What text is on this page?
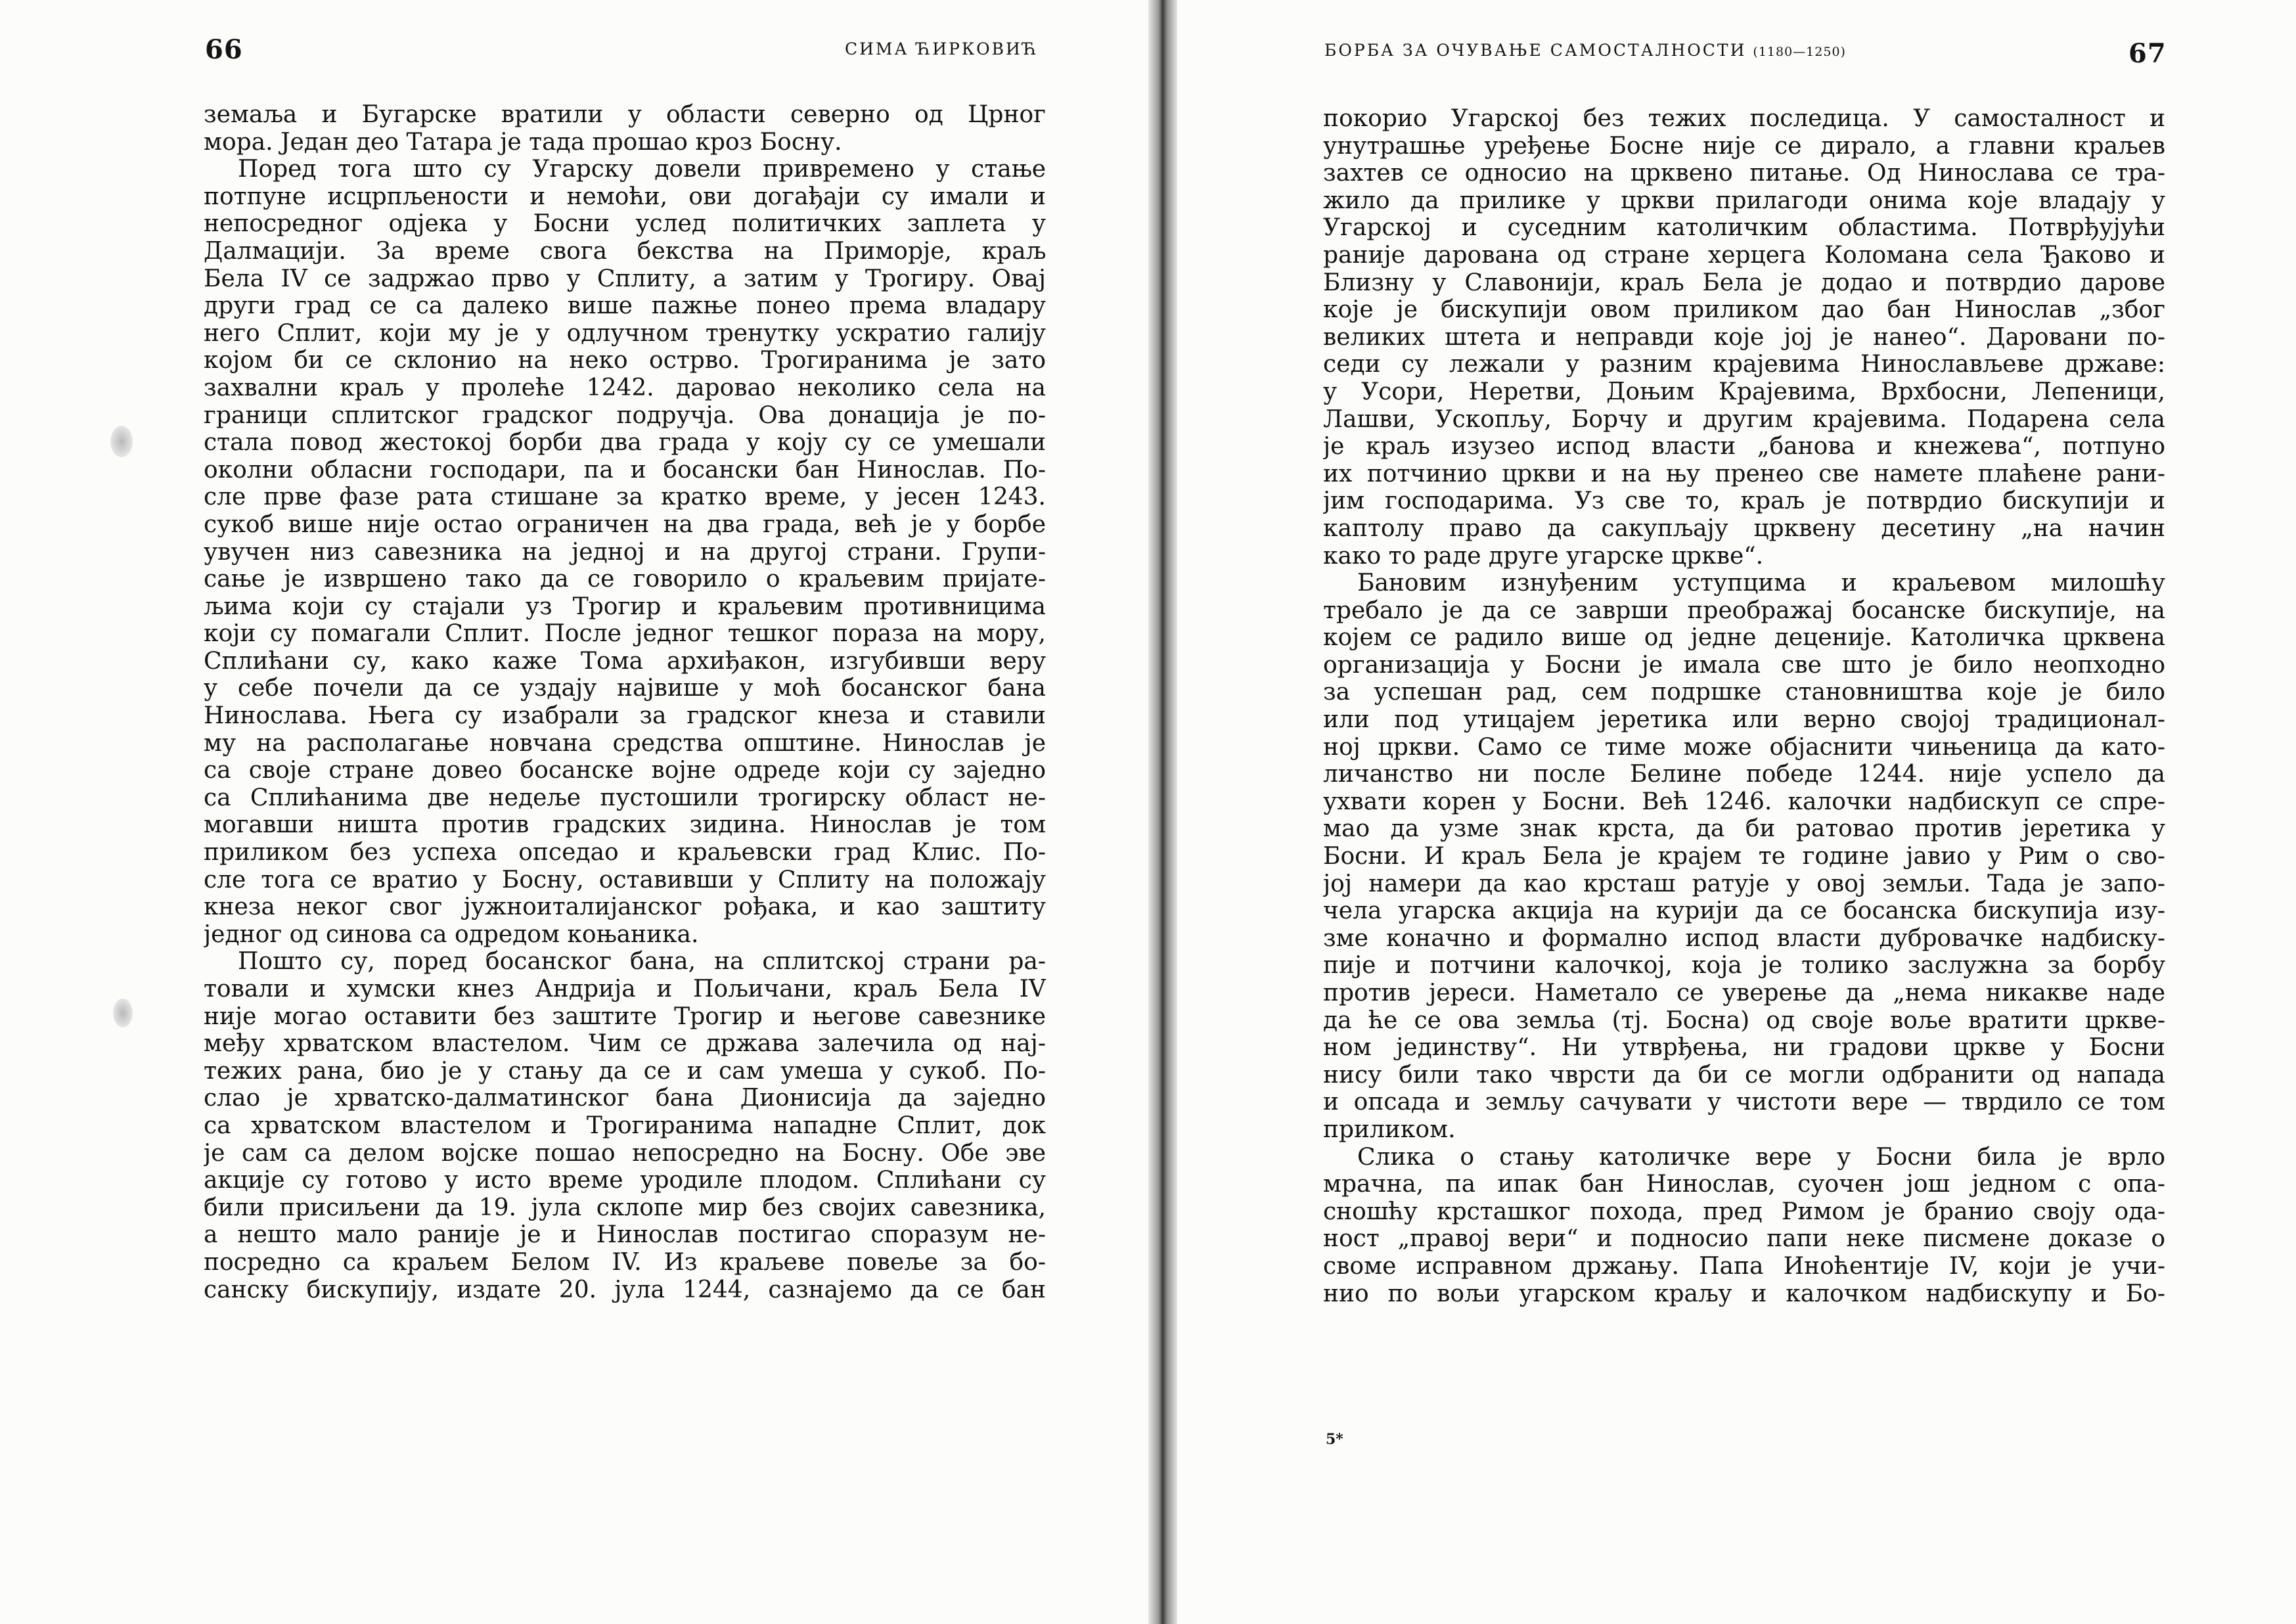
66	СИМА ЋИРКОВИЋ
земаља и Бугарске вратили у области северно од Црног
мора. Један део Татара је тада прошао кроз Босну.
Поред тога што су Угарску довели привремено у стање
потпуне исцрпљености и немоћи, ови догађаји су имали и
непосредног одјека у Босни услед политичких заплета у
Далмацији. За време свога бекства на Приморје, краљ
Бела IV се задржао прво у Сплиту, а затим у Трогиру. Овај
други град се са далеко више пажње понео према владару
него Сплит, који му је у одлучном тренутку ускратио галију
којом би се склонио на неко острво. Трогиранима је зато
захвални краљ у пролеће 1242. даровао неколико села на
граници сплитског градског подручја. Ова донација је по-
стала повод жестокој борби два града у коју су се умешали
околни обласни господари, па и босански бан Нинослав. По-
сле прве фазе рата стишане за кратко време, у јесен 1243.
сукоб више није остао ограничен на два града, већ је у борбе
увучен низ савезника на једној и на другој страни. Групи-
сање је извршено тако да се говорило о краљевим пријате-
љима који су стајали уз Трогир и краљевим противницима
који су помагали Сплит. После једног тешког пораза на мору,
Сплићани су, како каже Тома архиђакон, изгубивши веру
у себе почели да се уздају највише у моћ босанског бана
Нинослава. Њега су изабрали за градског кнеза и ставили
му на располагање новчана средства општине. Нинослав је
са своје стране довео босанске војне одреде који су заједно
са Сплићанима две недеље пустошили трогирску област не-
могавши ништа против градских зидина. Нинослав је том
приликом без успеха опседао и краљевски град Клис. По-
сле тога се вратио у Босну, оставивши у Сплиту на положају
кнеза неког свог јужноиталијанског рођака, и као заштиту
једног од синова са одредом коњаника.
Пошто су, поред босанског бана, на сплитској страни ра-
товали и хумски кнез Андрија и Пољичани, краљ Бела IV
није могао оставити без заштите Трогир и његове савезнике
међу хрватском властелом. Чим се држава залечила од нај-
тежих рана, био је у стању да се и сам умеша у сукоб. По-
слао је хрватско-далматинског бана Дионисија да заједно
са хрватском властелом и Трогиранима нападне Сплит, док
је сам са делом војске пошао непосредно на Босну. Обе эве
акције су готово у исто време уродиле плодом. Сплићани су
били присиљени да 19. јула склопе мир без својих савезника,
а нешто мало раније је и Нинослав постигао споразум не-
посредно са краљем Белом IV. Из краљеве повеље за бо-
санску бискупију, издате 20. јула 1244, сазнајемо да се бан
БОРБА ЗА ОЧУВАЊЕ САМОСТАЛНОСТИ (1180—1250)	67
покорио Угарској без тежих последица. У самосталност и
унутрашње уређење Босне није се дирало, а главни краљев
захтев се односио на црквено питање. Од Нинослава се тра-
жило да прилике у цркви прилагоди онима које владају у
Угарској и суседним католичким областима. Потврђујући
раније дарована од стране херцега Коломана села Ђаково и
Близну у Славонији, краљ Бела је додао и потврдио дарове
које је бискупији овом приликом дао бан Нинослав „због
великих штета и неправди које јој је нанео“. Даровани по-
седи су лежали у разним крајевима Нинослављеве државе:
у Усори, Неретви, Доњим Крајевима, Врхбосни, Лепеници,
Лашви, Ускопљу, Борчу и другим крајевима. Подарена села
је краљ изузео испод власти „банова и кнежева“, потпуно
их потчинио цркви и на њу пренео све намете плаћене рани-
јим господарима. Уз све то, краљ је потврдио бискупији и
каптолу право да сакупљају црквену десетину „на начин
како то раде друге угарске цркве“.
Бановим изнуђеним уступцима и краљевом милошћу
требало је да се заврши преображај босанске бискупије, на
којем се радило више од једне деценије. Католичка црквена
организација у Босни је имала све што је било неопходно
за успешан рад, сем подршке становништва које је било
или под утицајем јеретика или верно својој традиционал-
ној цркви. Само се тиме може објаснити чињеница да като-
личанство ни после Белине победе 1244. није успело да
ухвати корен у Босни. Већ 1246. калочки надбискуп се спре-
мао да узме знак крста, да би ратовао против јеретика у
Босни. И краљ Бела је крајем те године јавио у Рим о сво-
јој намери да као крсташ ратује у овој земљи. Тада је запо-
чела угарска акција на курији да се босанска бискупија изу-
зме коначно и формално испод власти дубровачке надбиску-
пије и потчини калочкој, која је толико заслужна за борбу
против јереси. Наметало се уверење да „нема никакве наде
да ће се ова земља (тј. Босна) од своје воље вратити црквe-
ном јединству“. Ни утврђења, ни градови цркве у Босни
нису били тако чврсти да би се могли одбранити од напада
и опсада и земљу сачувати у чистоти вере — тврдило се том
приликом.
Слика о стању католичке вере у Босни била је врло
мрачна, па ипак бан Нинослав, суочен још једном с опа-
сношћу крсташког похода, пред Римом је бранио своју ода-
ност „правој вери“ и подносио папи неке писмене доказе о
своме исправном држању. Папа Иноћентије IV, који је учи-
нио по вољи угарском краљу и калочком надбискупу и Бо-
5*
